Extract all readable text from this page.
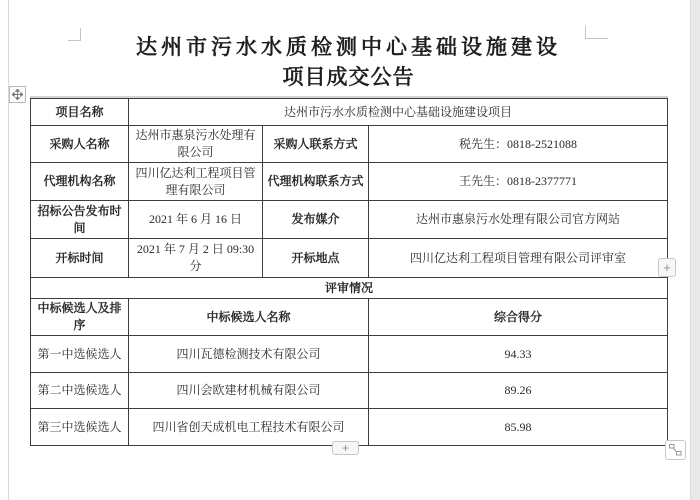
达州市污水水质检测中心基础设施建设
项目成交公告
项目名称	达州市污水水质检测中心基础设施建设项目		
采购人名称	达州市惠泉污水处理有限公司	采购人联系方式	税先生：0818-2521088
代理机构名称	四川亿达利工程项目管理有限公司	代理机构联系方式	王先生：0818-2377771
招标公告发布时间	2021 年 6 月 16 日	发布媒介	达州市惠泉污水处理有限公司官方网站
开标时间	2021 年 7 月 2 日 09:30 分	开标地点	四川亿达利工程项目管理有限公司评审室
评审情况			
中标候选人及排序	中标候选人名称		综合得分
第一中选候选人	四川瓦德检测技术有限公司		94.33
第二中选候选人	四川会欧建材机械有限公司		89.26
第三中选候选人	四川省创天成机电工程技术有限公司		85.98
+
+
